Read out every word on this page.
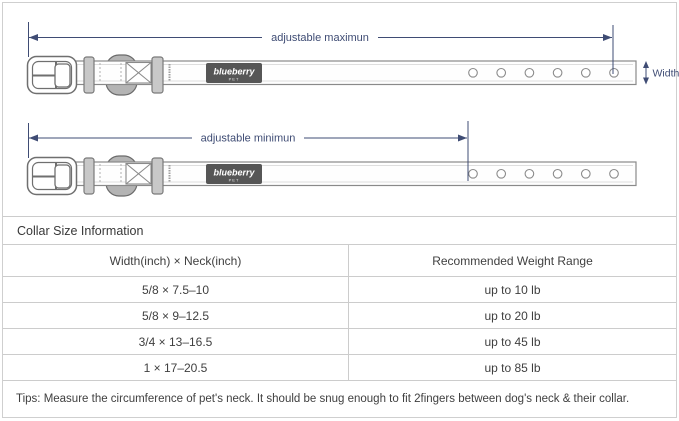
blueberry
PET
adjustable maximun
Width
blueberry
PET
adjustable minimun
Collar Size Information
Width(inch) × Neck(inch)	Recommended Weight Range
5/8 × 7.5–10	up to 10 lb
5/8 × 9–12.5	up to 20 lb
3/4 × 13–16.5	up to 45 lb
1 × 17–20.5	up to 85 lb
Tips: Measure the circumference of pet's neck. It should be snug enough to fit 2fingers between dog's neck & their collar.
